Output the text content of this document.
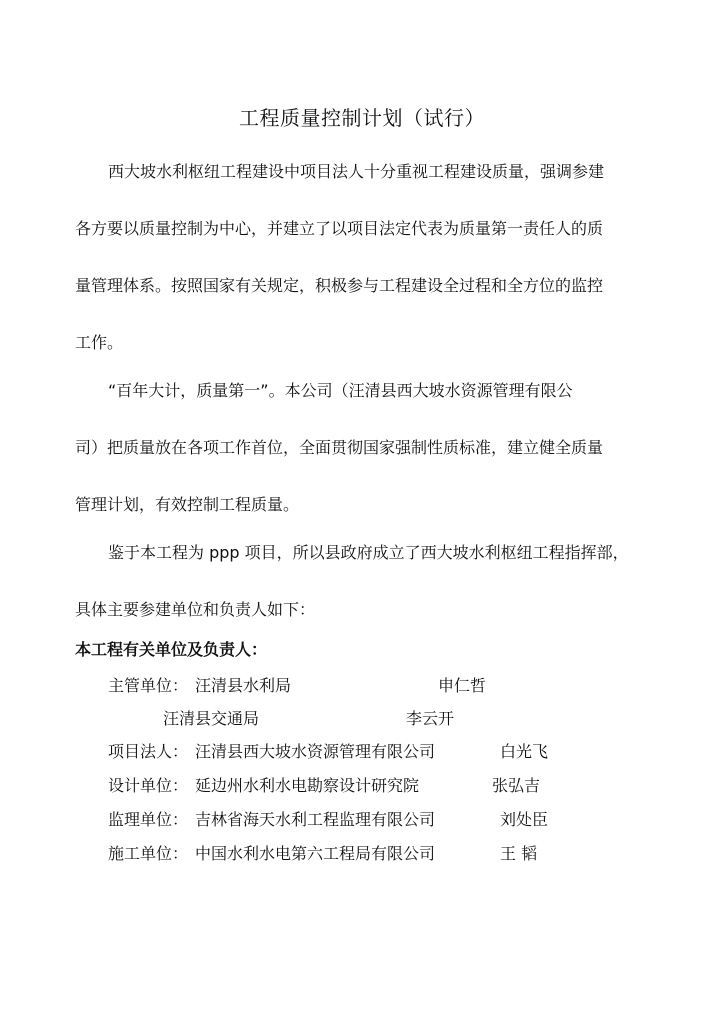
工程质量控制计划（试行）
西大坡水利枢纽工程建设中项目法人十分重视工程建设质量，强调参建
各方要以质量控制为中心，并建立了以项目法定代表为质量第一责任人的质
量管理体系。按照国家有关规定，积极参与工程建设全过程和全方位的监控
工作。
“百年大计，质量第一”。本公司（汪清县西大坡水资源管理有限公
司）把质量放在各项工作首位，全面贯彻国家强制性质标准，建立健全质量
管理计划，有效控制工程质量。
鉴于本工程为 ppp 项目，所以县政府成立了西大坡水利枢纽工程指挥部，
具体主要参建单位和负责人如下：
本工程有关单位及负责人：
主管单位： 汪清县水利局	申仁哲
汪清县交通局	李云开
项目法人： 汪清县西大坡水资源管理有限公司	白光飞
设计单位： 延边州水利水电勘察设计研究院	张弘吉
监理单位： 吉林省海天水利工程监理有限公司	刘处臣
施工单位： 中国水利水电第六工程局有限公司	王 韬
